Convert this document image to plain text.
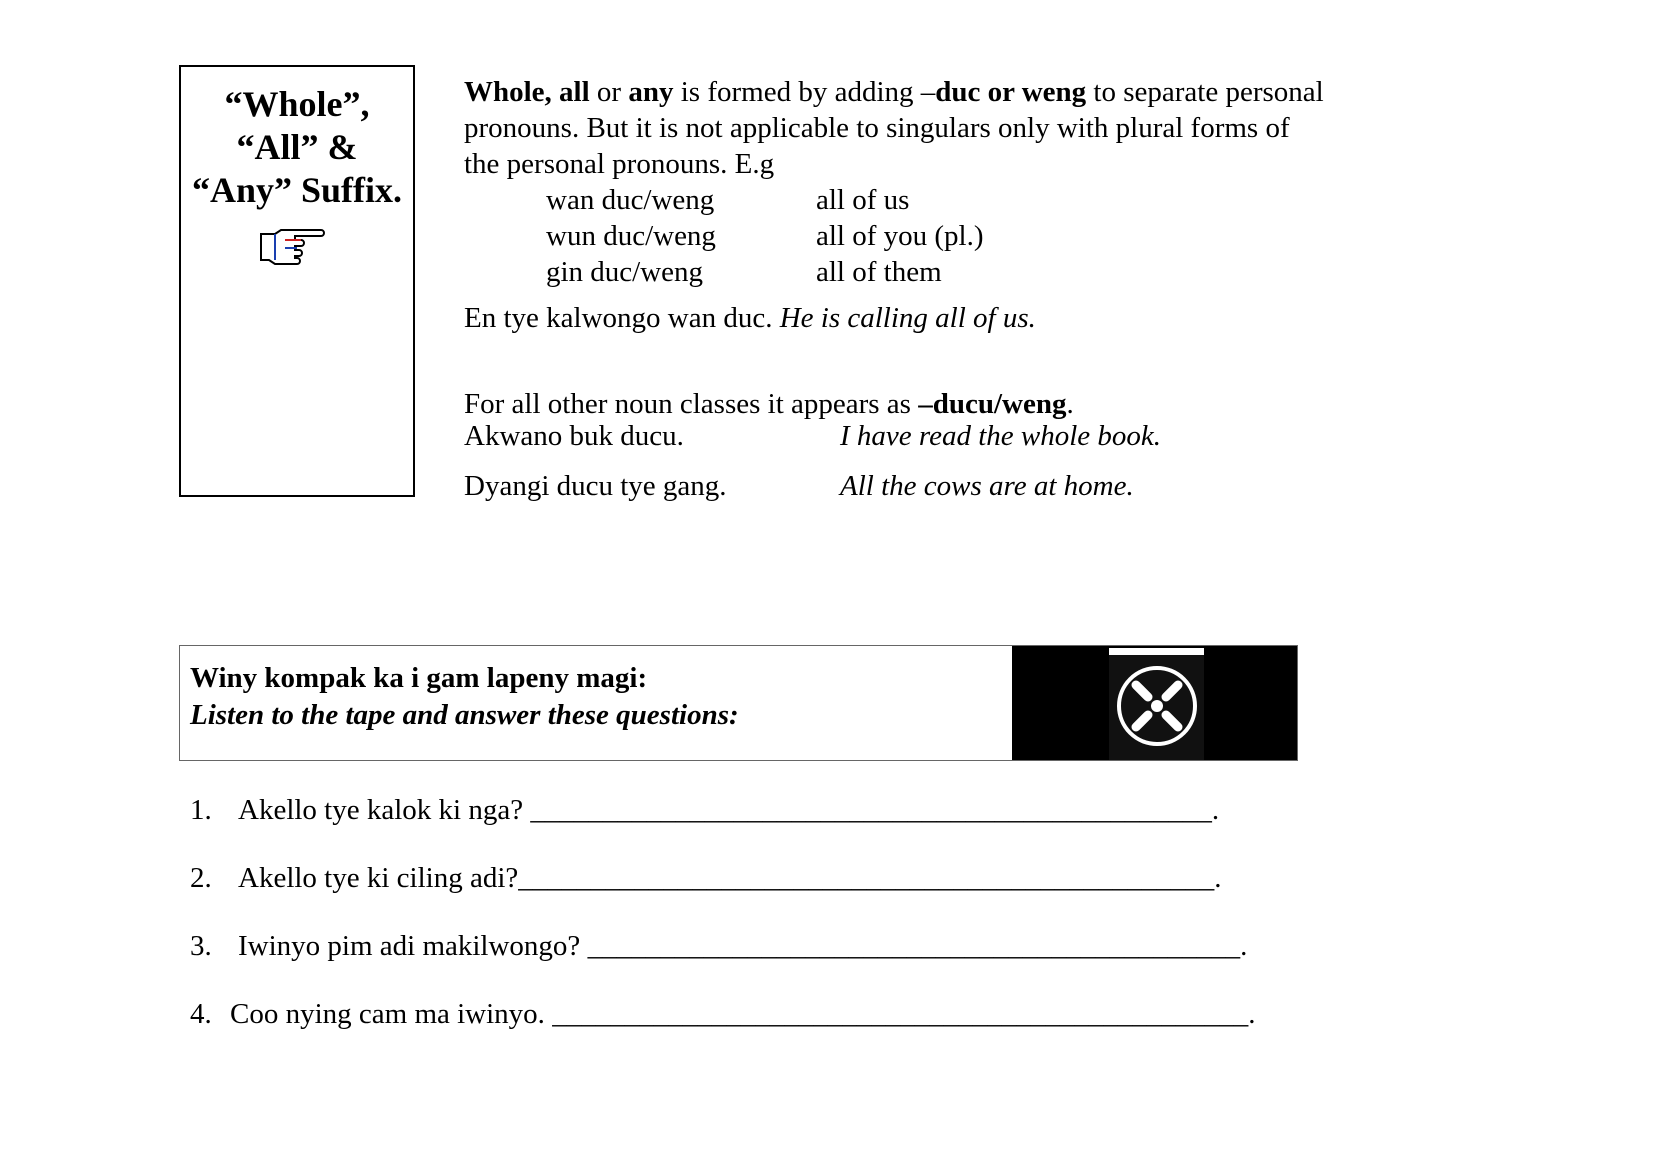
“Whole”,
“All” &
“Any” Suffix.

Whole, all or any is formed by adding –duc or weng to separate personal pronouns. But it is not applicable to singulars only with plural forms of the personal pronouns. E.g

wan duc/weng	all of us
wun duc/weng	all of you (pl.)
gin duc/weng	all of them

En tye kalwongo wan duc. He is calling all of us.

For all other noun classes it appears as –ducu/weng.

Akwano buk ducu.	I have read the whole book.
Dyangi ducu tye gang.	All the cows are at home.
Winy kompak ka i gam lapeny magi:
Listen to the tape and answer these questions:
1. Akello tye kalok ki nga? _______________________________________________.
2. Akello tye ki ciling adi?________________________________________________.
3. Iwinyo pim adi makilwongo? _____________________________________________.
4. Coo nying cam ma iwinyo. ________________________________________________.
